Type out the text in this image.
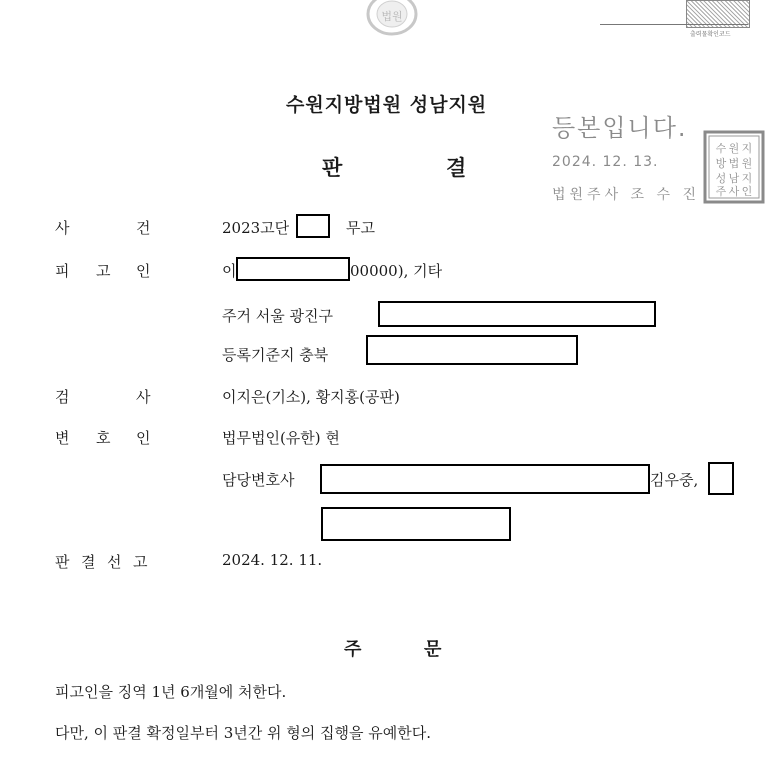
법원
출력물확인코드
수원지방법원 성남지원
판	결
등본입니다.
2024. 12. 13.
법원주사 조 수 진
수 원 지
방 법 원
성 남 지
주 사 인
사	건	2023고단	무고
피 고 인	이	00000), 기타
주거 서울 광진구
등록기준지 충북
검	사	이지은(기소), 황지홍(공판)
변 호 인	법무법인(유한) 현
담당변호사	김우중,
판 결 선 고	2024. 12. 11.
주	문
피고인을 징역 1년 6개월에 처한다.
다만, 이 판결 확정일부터 3년간 위 형의 집행을 유예한다.
